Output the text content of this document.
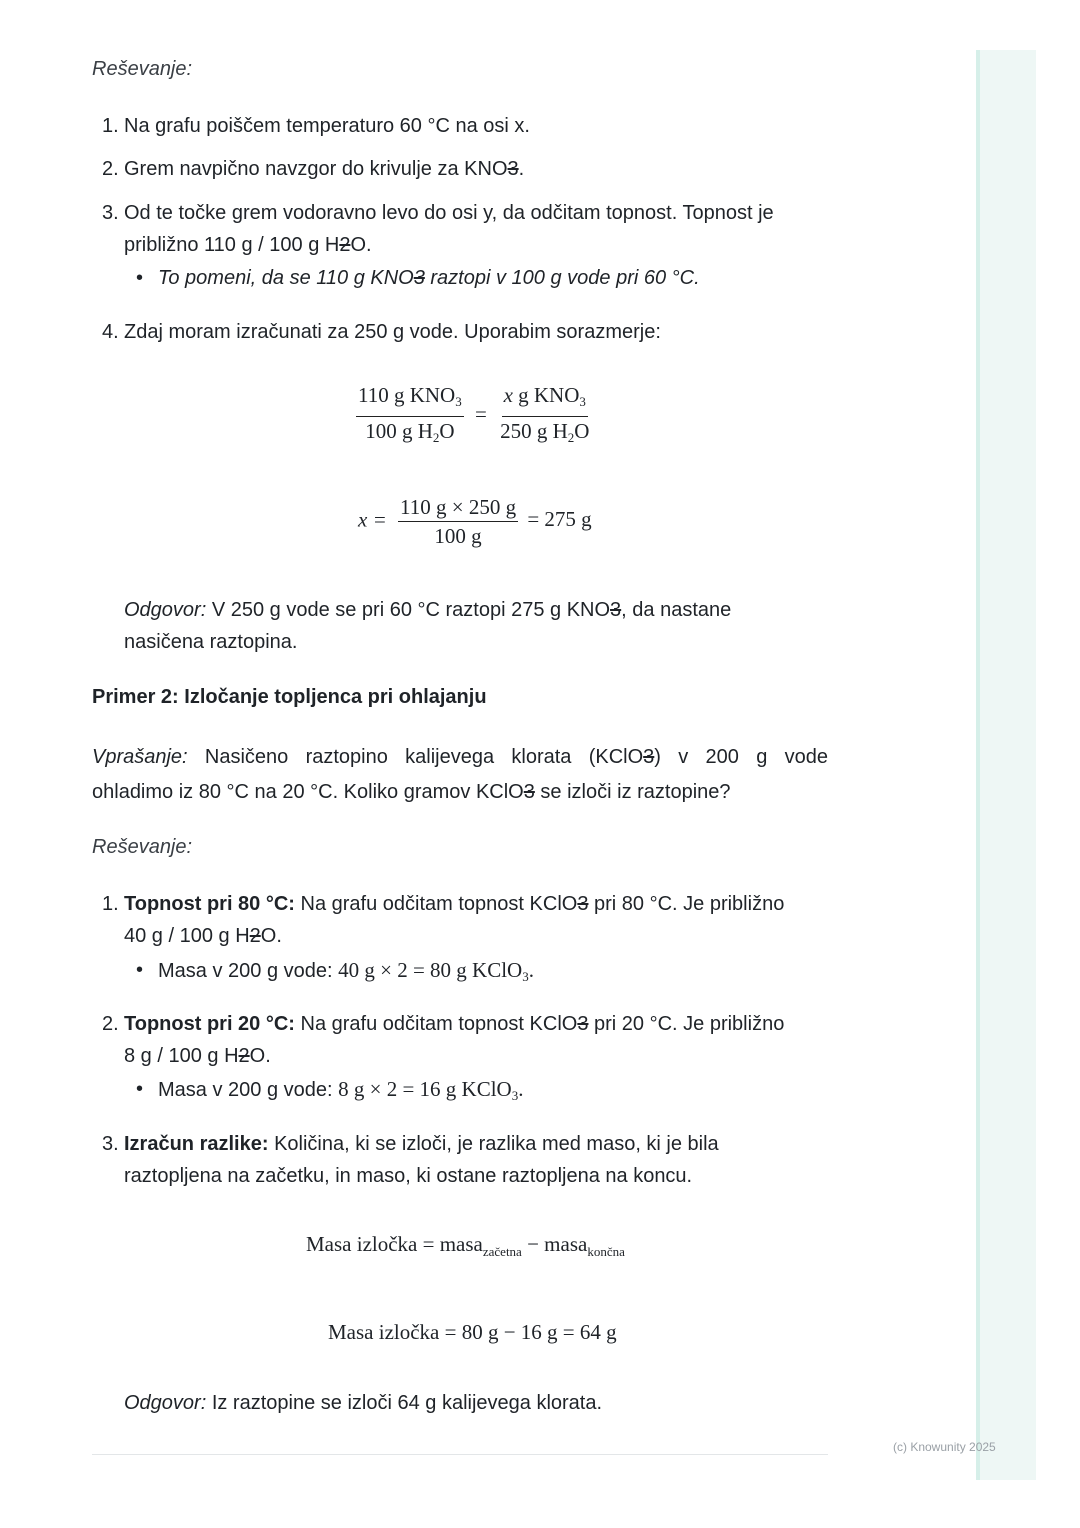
Reševanje:
1. Na grafu poiščem temperaturo 60 °C na osi x.
2. Grem navpično navzgor do krivulje za KNO3.
3. Od te točke grem vodoravno levo do osi y, da odčitam topnost. Topnost je
približno 110 g / 100 g H2O.
• To pomeni, da se 110 g KNO3 raztopi v 100 g vode pri 60 °C.
4. Zdaj moram izračunati za 250 g vode. Uporabim sorazmerje:
$\frac{110 g KNO_3}{100 g H_2O} = \frac{x g KNO_3}{250 g H_2O}$
$x = \frac{110 g \times 250 g}{100 g} = 275$ g
Odgovor: V 250 g vode se pri 60 °C raztopi 275 g KNO3, da nastane
nasičena raztopina.
Primer 2: Izločanje topljenca pri ohlajanju
Vprašanje: Nasičeno raztopino kalijevega klorata (KClO3) v 200 g vode
ohladimo iz 80 °C na 20 °C. Koliko gramov KClO3 se izloči iz raztopine?
Reševanje:
1. Topnost pri 80 °C: Na grafu odčitam topnost KClO3 pri 80 °C. Je približno
40 g / 100 g H2O.
• Masa v 200 g vode: 40 g × 2 = 80 g KClO$_3$.
2. Topnost pri 20 °C: Na grafu odčitam topnost KClO3 pri 20 °C. Je približno
8 g / 100 g H2O.
• Masa v 200 g vode: 8 g × 2 = 16 g KClO$_3$.
3. Izračun razlike: Količina, ki se izloči, je razlika med maso, ki je bila
raztopljena na začetku, in maso, ki ostane raztopljena na koncu.
Masa izločka = masa$_{začetna}$ − masa$_{končna}$
Masa izločka = 80 g − 16 g = 64 g
Odgovor: Iz raztopine se izloči 64 g kalijevega klorata.
(c) Knowunity 2025
